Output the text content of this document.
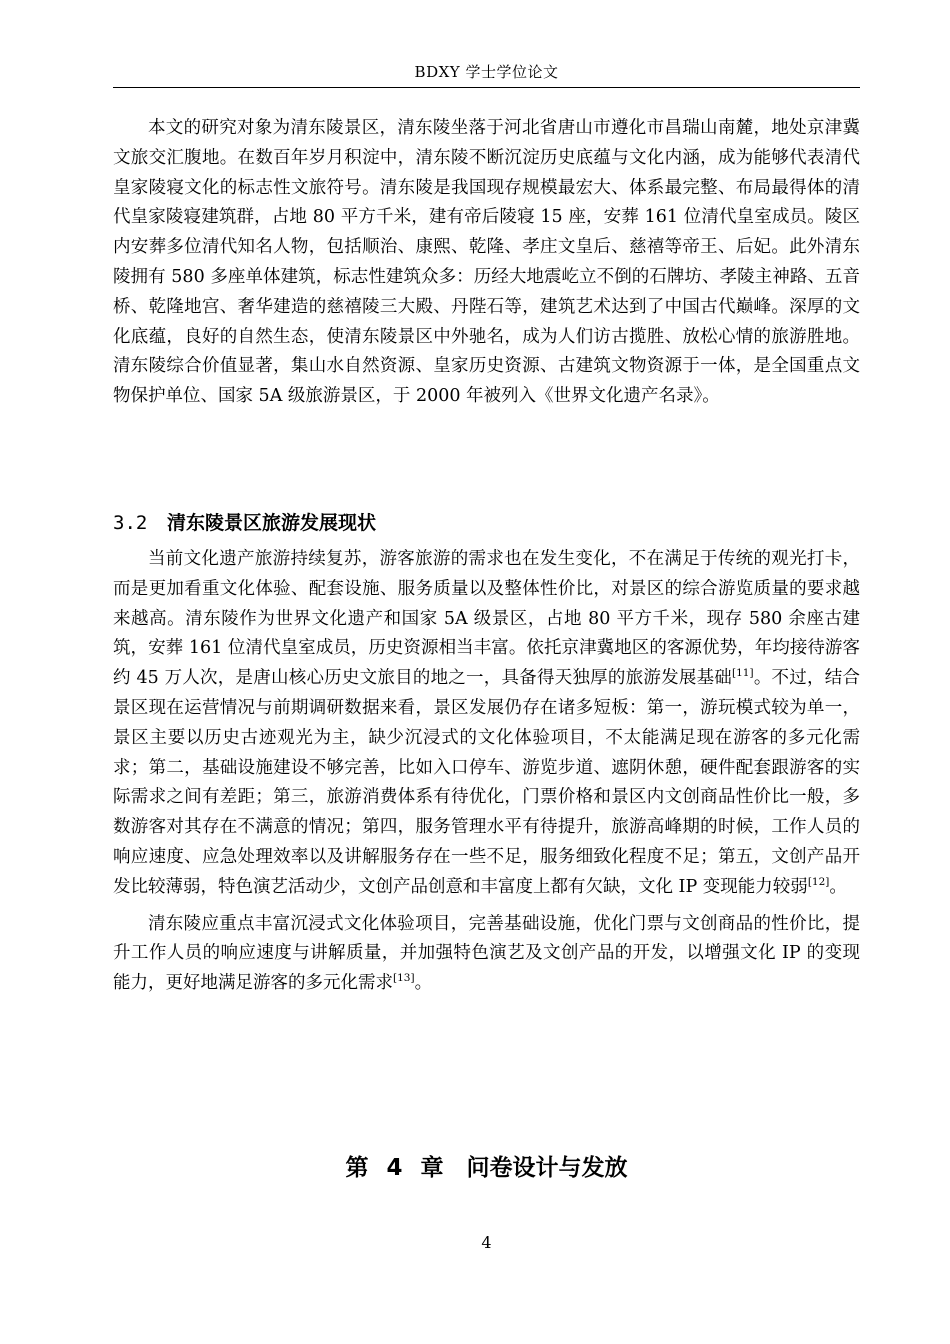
BDXY 学士学位论文

本文的研究对象为清东陵景区，清东陵坐落于河北省唐山市遵化市昌瑞山南麓，地处京津冀文旅交汇腹地。在数百年岁月积淀中，清东陵不断沉淀历史底蕴与文化内涵，成为能够代表清代皇家陵寝文化的标志性文旅符号。清东陵是我国现存规模最宏大、体系最完整、布局最得体的清代皇家陵寝建筑群，占地 80 平方千米，建有帝后陵寝 15 座，安葬 161 位清代皇室成员。陵区内安葬多位清代知名人物，包括顺治、康熙、乾隆、孝庄文皇后、慈禧等帝王、后妃。此外清东陵拥有 580 多座单体建筑，标志性建筑众多：历经大地震屹立不倒的石牌坊、孝陵主神路、五音桥、乾隆地宫、奢华建造的慈禧陵三大殿、丹陛石等，建筑艺术达到了中国古代巅峰。深厚的文化底蕴，良好的自然生态，使清东陵景区中外驰名，成为人们访古揽胜、放松心情的旅游胜地。清东陵综合价值显著，集山水自然资源、皇家历史资源、古建筑文物资源于一体，是全国重点文物保护单位、国家 5A 级旅游景区，于 2000 年被列入《世界文化遗产名录》。

3.2 清东陵景区旅游发展现状

当前文化遗产旅游持续复苏，游客旅游的需求也在发生变化，不在满足于传统的观光打卡，而是更加看重文化体验、配套设施、服务质量以及整体性价比，对景区的综合游览质量的要求越来越高。清东陵作为世界文化遗产和国家 5A 级景区，占地 80 平方千米，现存 580 余座古建筑，安葬 161 位清代皇室成员，历史资源相当丰富。依托京津冀地区的客源优势，年均接待游客约 45 万人次，是唐山核心历史文旅目的地之一，具备得天独厚的旅游发展基础[11]。不过，结合景区现在运营情况与前期调研数据来看，景区发展仍存在诸多短板：第一，游玩模式较为单一，景区主要以历史古迹观光为主，缺少沉浸式的文化体验项目，不太能满足现在游客的多元化需求；第二，基础设施建设不够完善，比如入口停车、游览步道、遮阴休憩，硬件配套跟游客的实际需求之间有差距；第三，旅游消费体系有待优化，门票价格和景区内文创商品性价比一般，多数游客对其存在不满意的情况；第四，服务管理水平有待提升，旅游高峰期的时候，工作人员的响应速度、应急处理效率以及讲解服务存在一些不足，服务细致化程度不足；第五，文创产品开发比较薄弱，特色演艺活动少，文创产品创意和丰富度上都有欠缺，文化 IP 变现能力较弱[12]。

清东陵应重点丰富沉浸式文化体验项目，完善基础设施，优化门票与文创商品的性价比，提升工作人员的响应速度与讲解质量，并加强特色演艺及文创产品的开发，以增强文化 IP 的变现能力，更好地满足游客的多元化需求[13]。

第 4 章　问卷设计与发放
4
